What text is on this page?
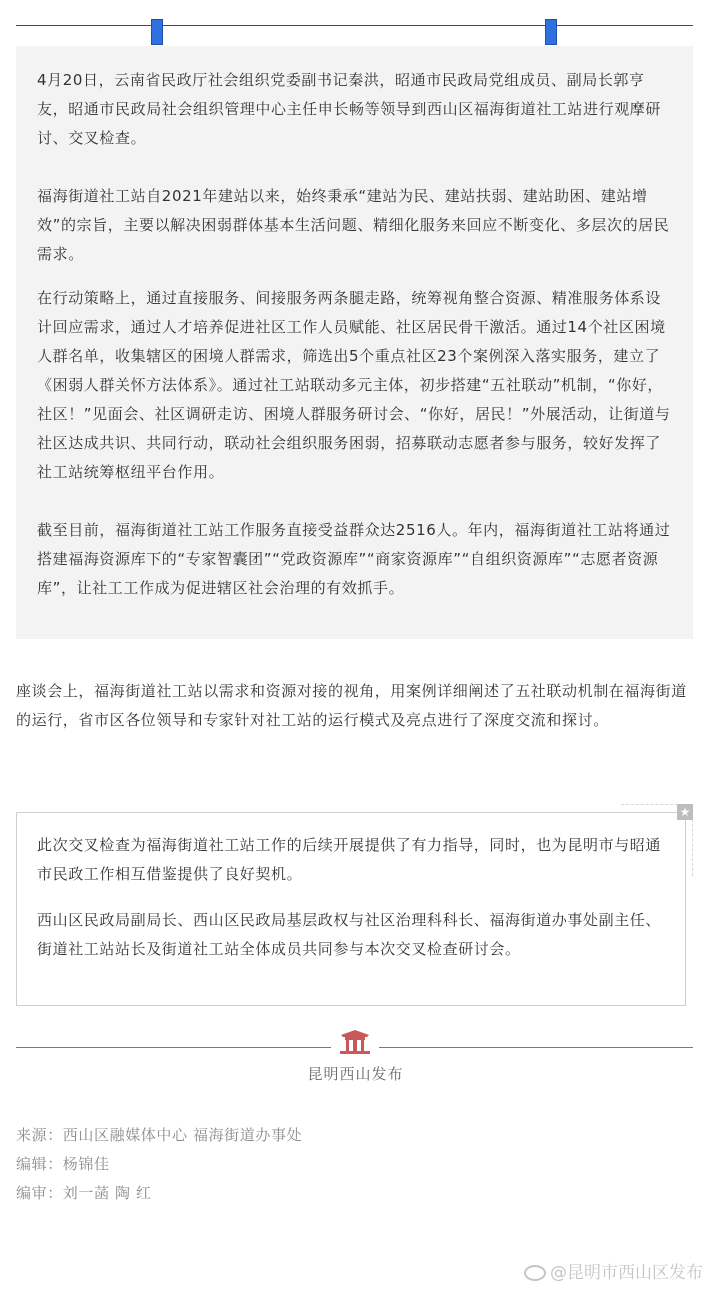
4月20日，云南省民政厅社会组织党委副书记秦洪，昭通市民政局党组成员、副局长郭亨友，昭通市民政局社会组织管理中心主任申长畅等领导到西山区福海街道社工站进行观摩研讨、交叉检查。

福海街道社工站自2021年建站以来，始终秉承“建站为民、建站扶弱、建站助困、建站增效”的宗旨，主要以解决困弱群体基本生活问题、精细化服务来回应不断变化、多层次的居民需求。

在行动策略上，通过直接服务、间接服务两条腿走路，统筹视角整合资源、精准服务体系设计回应需求，通过人才培养促进社区工作人员赋能、社区居民骨干激活。通过14个社区困境人群名单，收集辖区的困境人群需求，筛选出5个重点社区23个案例深入落实服务，建立了《困弱人群关怀方法体系》。通过社工站联动多元主体，初步搭建“五社联动”机制，“你好，社区！”见面会、社区调研走访、困境人群服务研讨会、“你好，居民！”外展活动，让街道与社区达成共识、共同行动，联动社会组织服务困弱，招募联动志愿者参与服务，较好发挥了社工站统筹枢纽平台作用。

截至目前，福海街道社工站工作服务直接受益群众达2516人。年内，福海街道社工站将通过搭建福海资源库下的“专家智囊团”“党政资源库”“商家资源库”“自组织资源库”“志愿者资源库”，让社工工作成为促进辖区社会治理的有效抓手。

座谈会上，福海街道社工站以需求和资源对接的视角，用案例详细阐述了五社联动机制在福海街道的运行，省市区各位领导和专家针对社工站的运行模式及亮点进行了深度交流和探讨。

此次交叉检查为福海街道社工站工作的后续开展提供了有力指导，同时，也为昆明市与昭通市民政工作相互借鉴提供了良好契机。

西山区民政局副局长、西山区民政局基层政权与社区治理科科长、福海街道办事处副主任、街道社工站站长及街道社工站全体成员共同参与本次交叉检查研讨会。

★
昆明西山发布

来源：西山区融媒体中心 福海街道办事处

编辑：杨锦佳

编审：刘一菡 陶 红

@昆明市西山区发布
